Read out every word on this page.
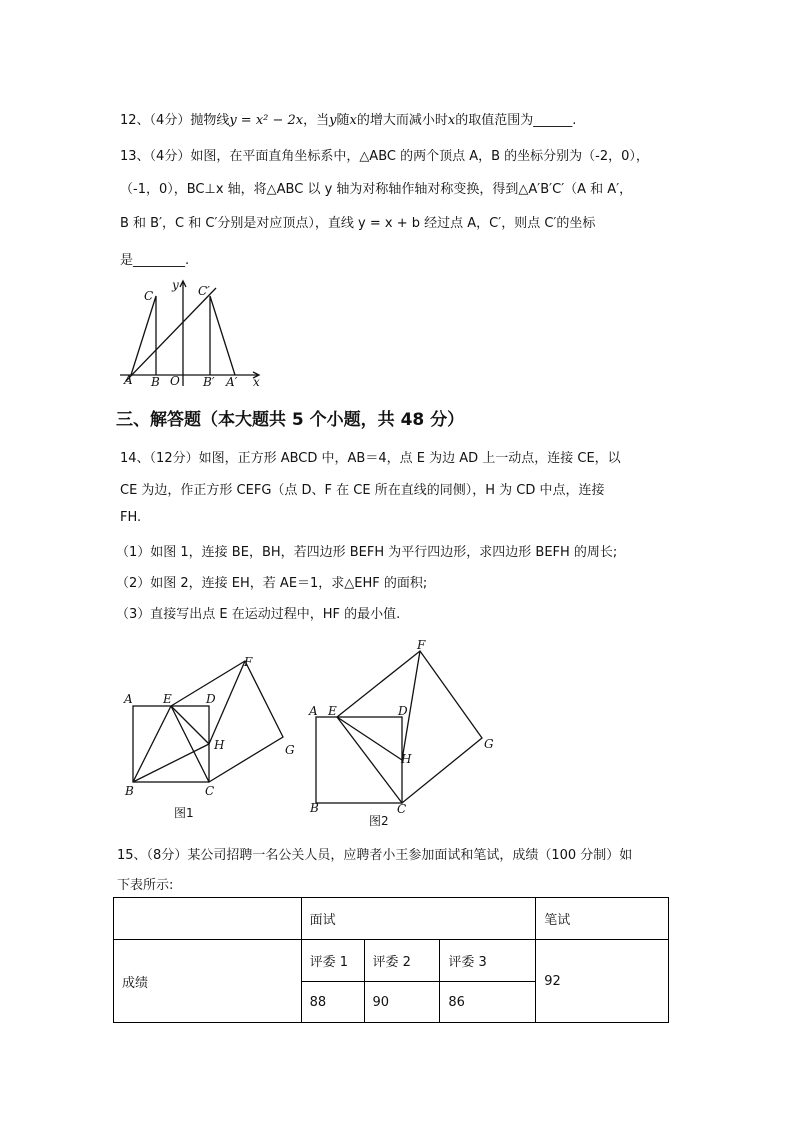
12、（4分）抛物线y = x² − 2x，当y随x的增大而减小时x的取值范围为______.
13、（4分）如图，在平面直角坐标系中，△ABC 的两个顶点 A，B 的坐标分别为（-2，0），
（-1，0），BC⊥x 轴，将△ABC 以 y 轴为对称轴作轴对称变换，得到△A′B′C′（A 和 A′，
B 和 B′，C 和 C′分别是对应顶点），直线 y = x + b 经过点 A，C′，则点 C′的坐标
是________.
C	C′
y
A B O B′ A′ x
三、解答题（本大题共 5 个小题，共 48 分）
14、（12分）如图，正方形 ABCD 中，AB＝4，点 E 为边 AD 上一动点，连接 CE，以
CE 为边，作正方形 CEFG（点 D、F 在 CE 所在直线的同侧），H 为 CD 中点，连接
FH.
（1）如图 1，连接 BE，BH，若四边形 BEFH 为平行四边形，求四边形 BEFH 的周长;
（2）如图 2，连接 EH，若 AE＝1，求△EHF 的面积;
（3）直接写出点 E 在运动过程中，HF 的最小值.
A	E	D
F
H	G
B	C
图1
A E	D
F
H
G
B	C
图2
15、（8分）某公司招聘一名公关人员，应聘者小王参加面试和笔试，成绩（100 分制）如
下表所示:
	面试			笔试
成绩	评委 1	评委 2	评委 3	92
	88	90	86	
